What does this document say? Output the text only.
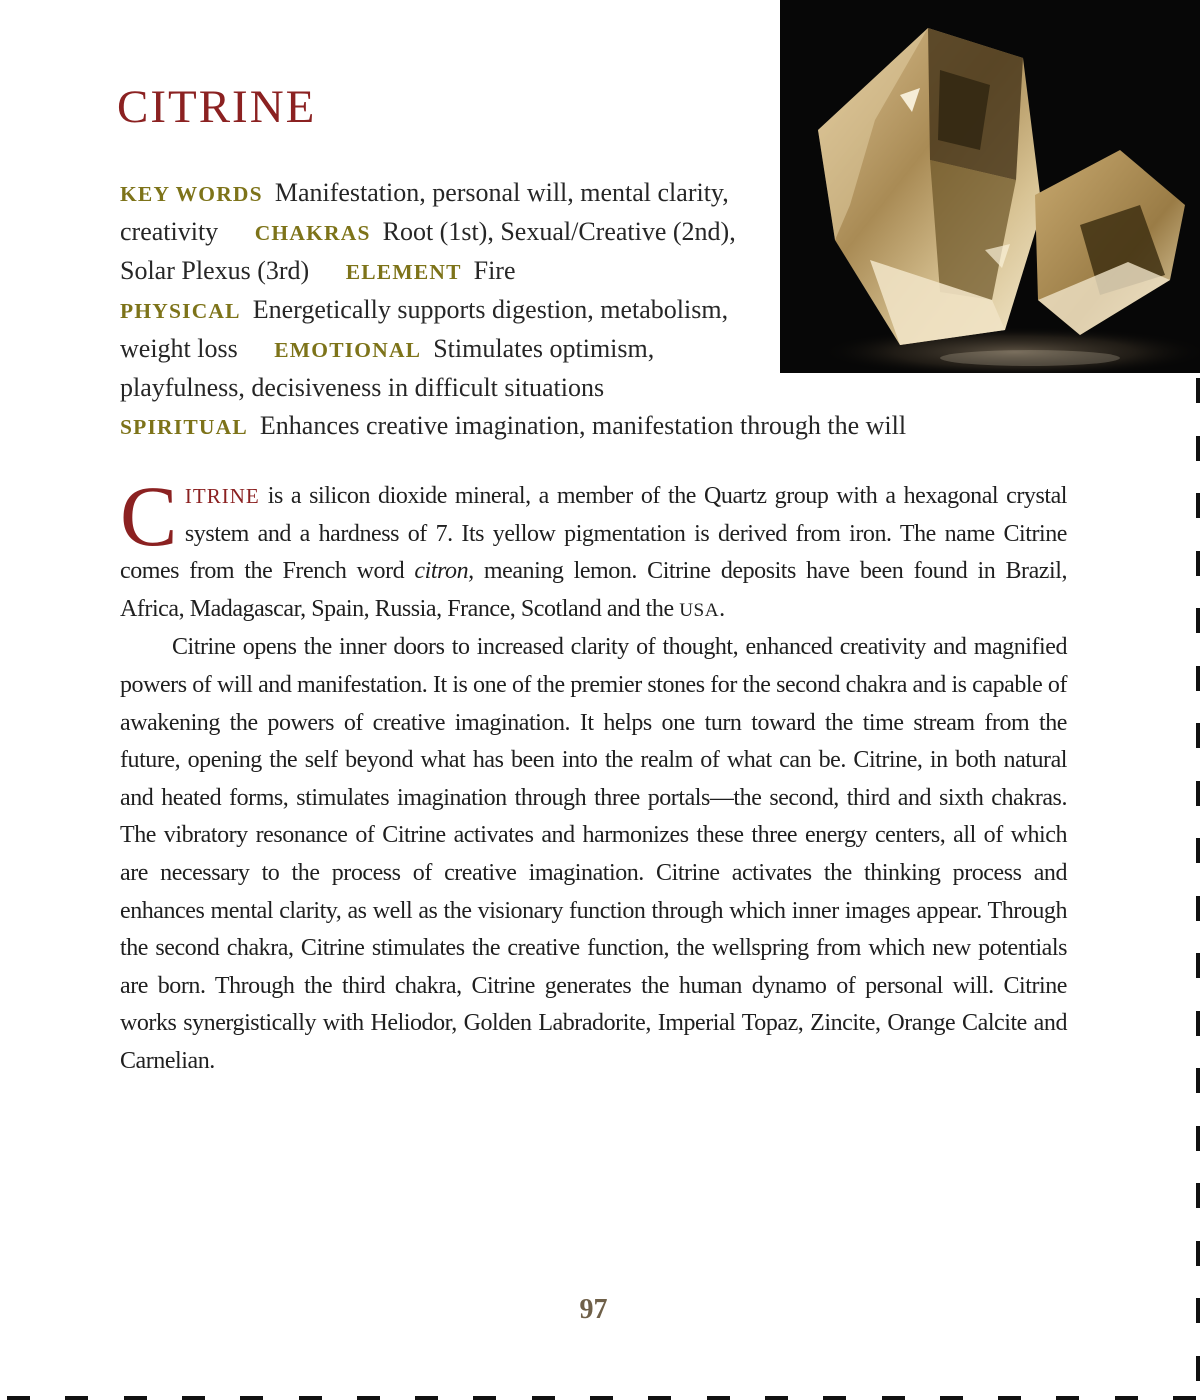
CITRINE
KEY WORDS Manifestation, personal will, mental clarity, creativity CHAKRAS Root (1st), Sexual/Creative (2nd), Solar Plexus (3rd) ELEMENT Fire PHYSICAL Energetically supports digestion, metabolism, weight loss EMOTIONAL Stimulates optimism, playfulness, decisiveness in difficult situations
SPIRITUAL Enhances creative imagination, manifestation through the will

CITRINE is a silicon dioxide mineral, a member of the Quartz group with a hexagonal crystal system and a hardness of 7. Its yellow pigmentation is derived from iron. The name Citrine comes from the French word citron, meaning lemon. Citrine deposits have been found in Brazil, Africa, Madagascar, Spain, Russia, France, Scotland and the USA.

Citrine opens the inner doors to increased clarity of thought, enhanced creativity and magnified powers of will and manifestation. It is one of the premier stones for the second chakra and is capable of awakening the powers of creative imagination. It helps one turn toward the time stream from the future, opening the self beyond what has been into the realm of what can be. Citrine, in both natural and heated forms, stimulates imagination through three portals—the second, third and sixth chakras. The vibratory resonance of Citrine activates and harmonizes these three energy centers, all of which are necessary to the process of creative imagination. Citrine activates the thinking process and enhances mental clarity, as well as the visionary function through which inner images appear. Through the second chakra, Citrine stimulates the creative function, the wellspring from which new potentials are born. Through the third chakra, Citrine generates the human dynamo of personal will. Citrine works synergistically with Heliodor, Golden Labradorite, Imperial Topaz, Zincite, Orange Calcite and Carnelian.

97
